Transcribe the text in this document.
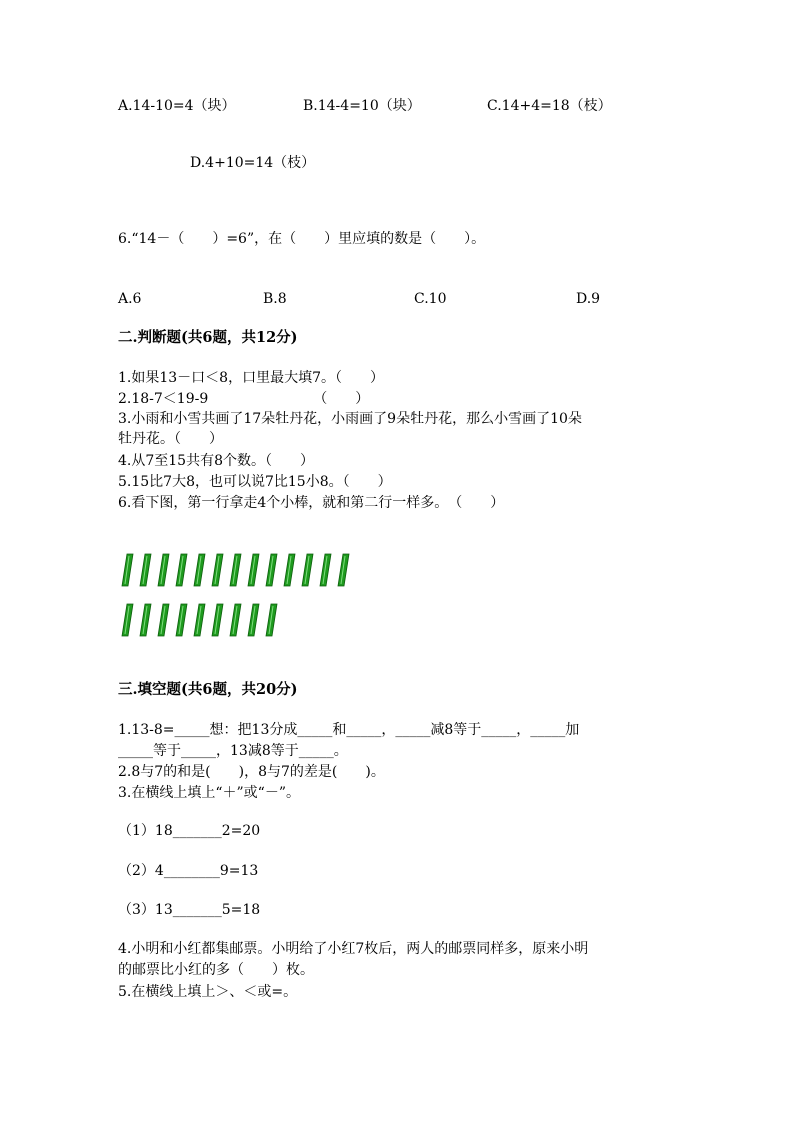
A.14-10=4（块）	B.14-4=10（块）	C.14+4=18（枝）
D.4+10=14（枝）
6.“14－（　　）=6”，在（　　）里应填的数是（　　）。
A.6	B.8	C.10	D.9
二.判断题(共6题，共12分)
1.如果13－口＜8，口里最大填7。（　　）
2.18-7＜19-9　　　　　　　　（　　）
3.小雨和小雪共画了17朵牡丹花，小雨画了9朵牡丹花，那么小雪画了10朵
牡丹花。（　　）
4.从7至15共有8个数。（　　）
5.15比7大8，也可以说7比15小8。（　　）
6.看下图，第一行拿走4个小棒，就和第二行一样多。　（　　）
三.填空题(共6题，共20分)
1.13-8=_____想：把13分成_____和_____，_____减8等于_____，_____加
_____等于_____，13减8等于_____。
2.8与7的和是(　　)，8与7的差是(　　)。
3.在横线上填上“＋”或“－”。
（1）18_______2=20
（2）4________9=13
（3）13_______5=18
4.小明和小红都集邮票。小明给了小红7枚后，两人的邮票同样多，原来小明
的邮票比小红的多（　　）枚。
5.在横线上填上＞、＜或=。
